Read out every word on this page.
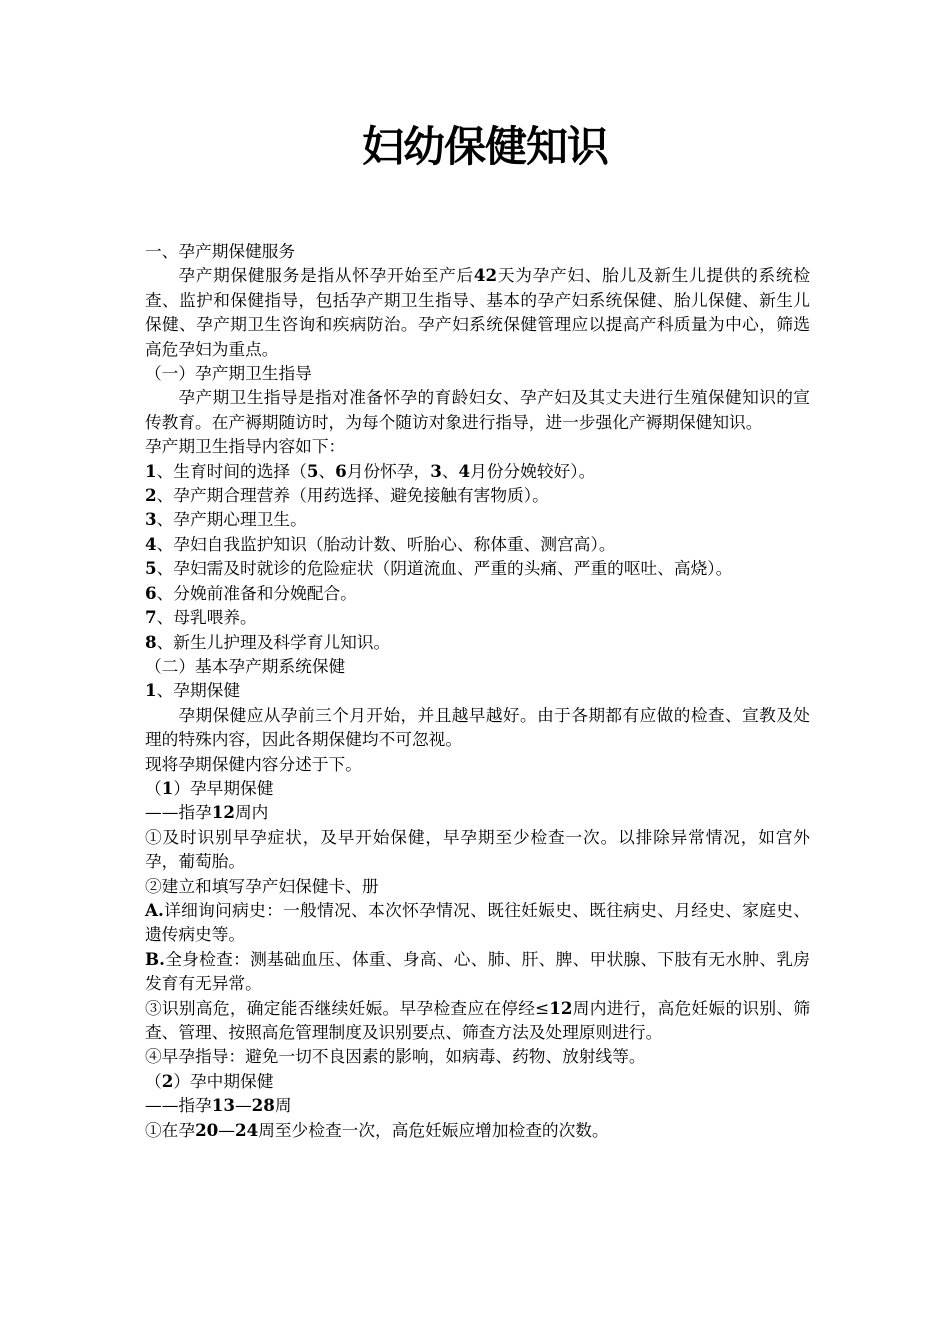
妇幼保健知识
一、孕产期保健服务
孕产期保健服务是指从怀孕开始至产后42天为孕产妇、胎儿及新生儿提供的系统检查、监护和保健指导，包括孕产期卫生指导、基本的孕产妇系统保健、胎儿保健、新生儿保健、孕产期卫生咨询和疾病防治。孕产妇系统保健管理应以提高产科质量为中心，筛选高危孕妇为重点。
（一）孕产期卫生指导
孕产期卫生指导是指对准备怀孕的育龄妇女、孕产妇及其丈夫进行生殖保健知识的宣传教育。在产褥期随访时，为每个随访对象进行指导，进一步强化产褥期保健知识。
孕产期卫生指导内容如下：
1、生育时间的选择（5、6月份怀孕，3、4月份分娩较好）。
2、孕产期合理营养（用药选择、避免接触有害物质）。
3、孕产期心理卫生。
4、孕妇自我监护知识（胎动计数、听胎心、称体重、测宫高）。
5、孕妇需及时就诊的危险症状（阴道流血、严重的头痛、严重的呕吐、高烧）。
6、分娩前准备和分娩配合。
7、母乳喂养。
8、新生儿护理及科学育儿知识。
（二）基本孕产期系统保健
1、孕期保健
孕期保健应从孕前三个月开始，并且越早越好。由于各期都有应做的检查、宣教及处理的特殊内容，因此各期保健均不可忽视。
现将孕期保健内容分述于下。
（1）孕早期保健
——指孕12周内
①及时识别早孕症状，及早开始保健，早孕期至少检查一次。以排除异常情况，如宫外孕，葡萄胎。
②建立和填写孕产妇保健卡、册
A.详细询问病史：一般情况、本次怀孕情况、既往妊娠史、既往病史、月经史、家庭史、遗传病史等。
B.全身检查：测基础血压、体重、身高、心、肺、肝、脾、甲状腺、下肢有无水肿、乳房发育有无异常。
③识别高危，确定能否继续妊娠。早孕检查应在停经≤12周内进行，高危妊娠的识别、筛查、管理、按照高危管理制度及识别要点、筛查方法及处理原则进行。
④早孕指导：避免一切不良因素的影响，如病毒、药物、放射线等。
（2）孕中期保健
——指孕13—28周
①在孕20—24周至少检查一次，高危妊娠应增加检查的次数。
